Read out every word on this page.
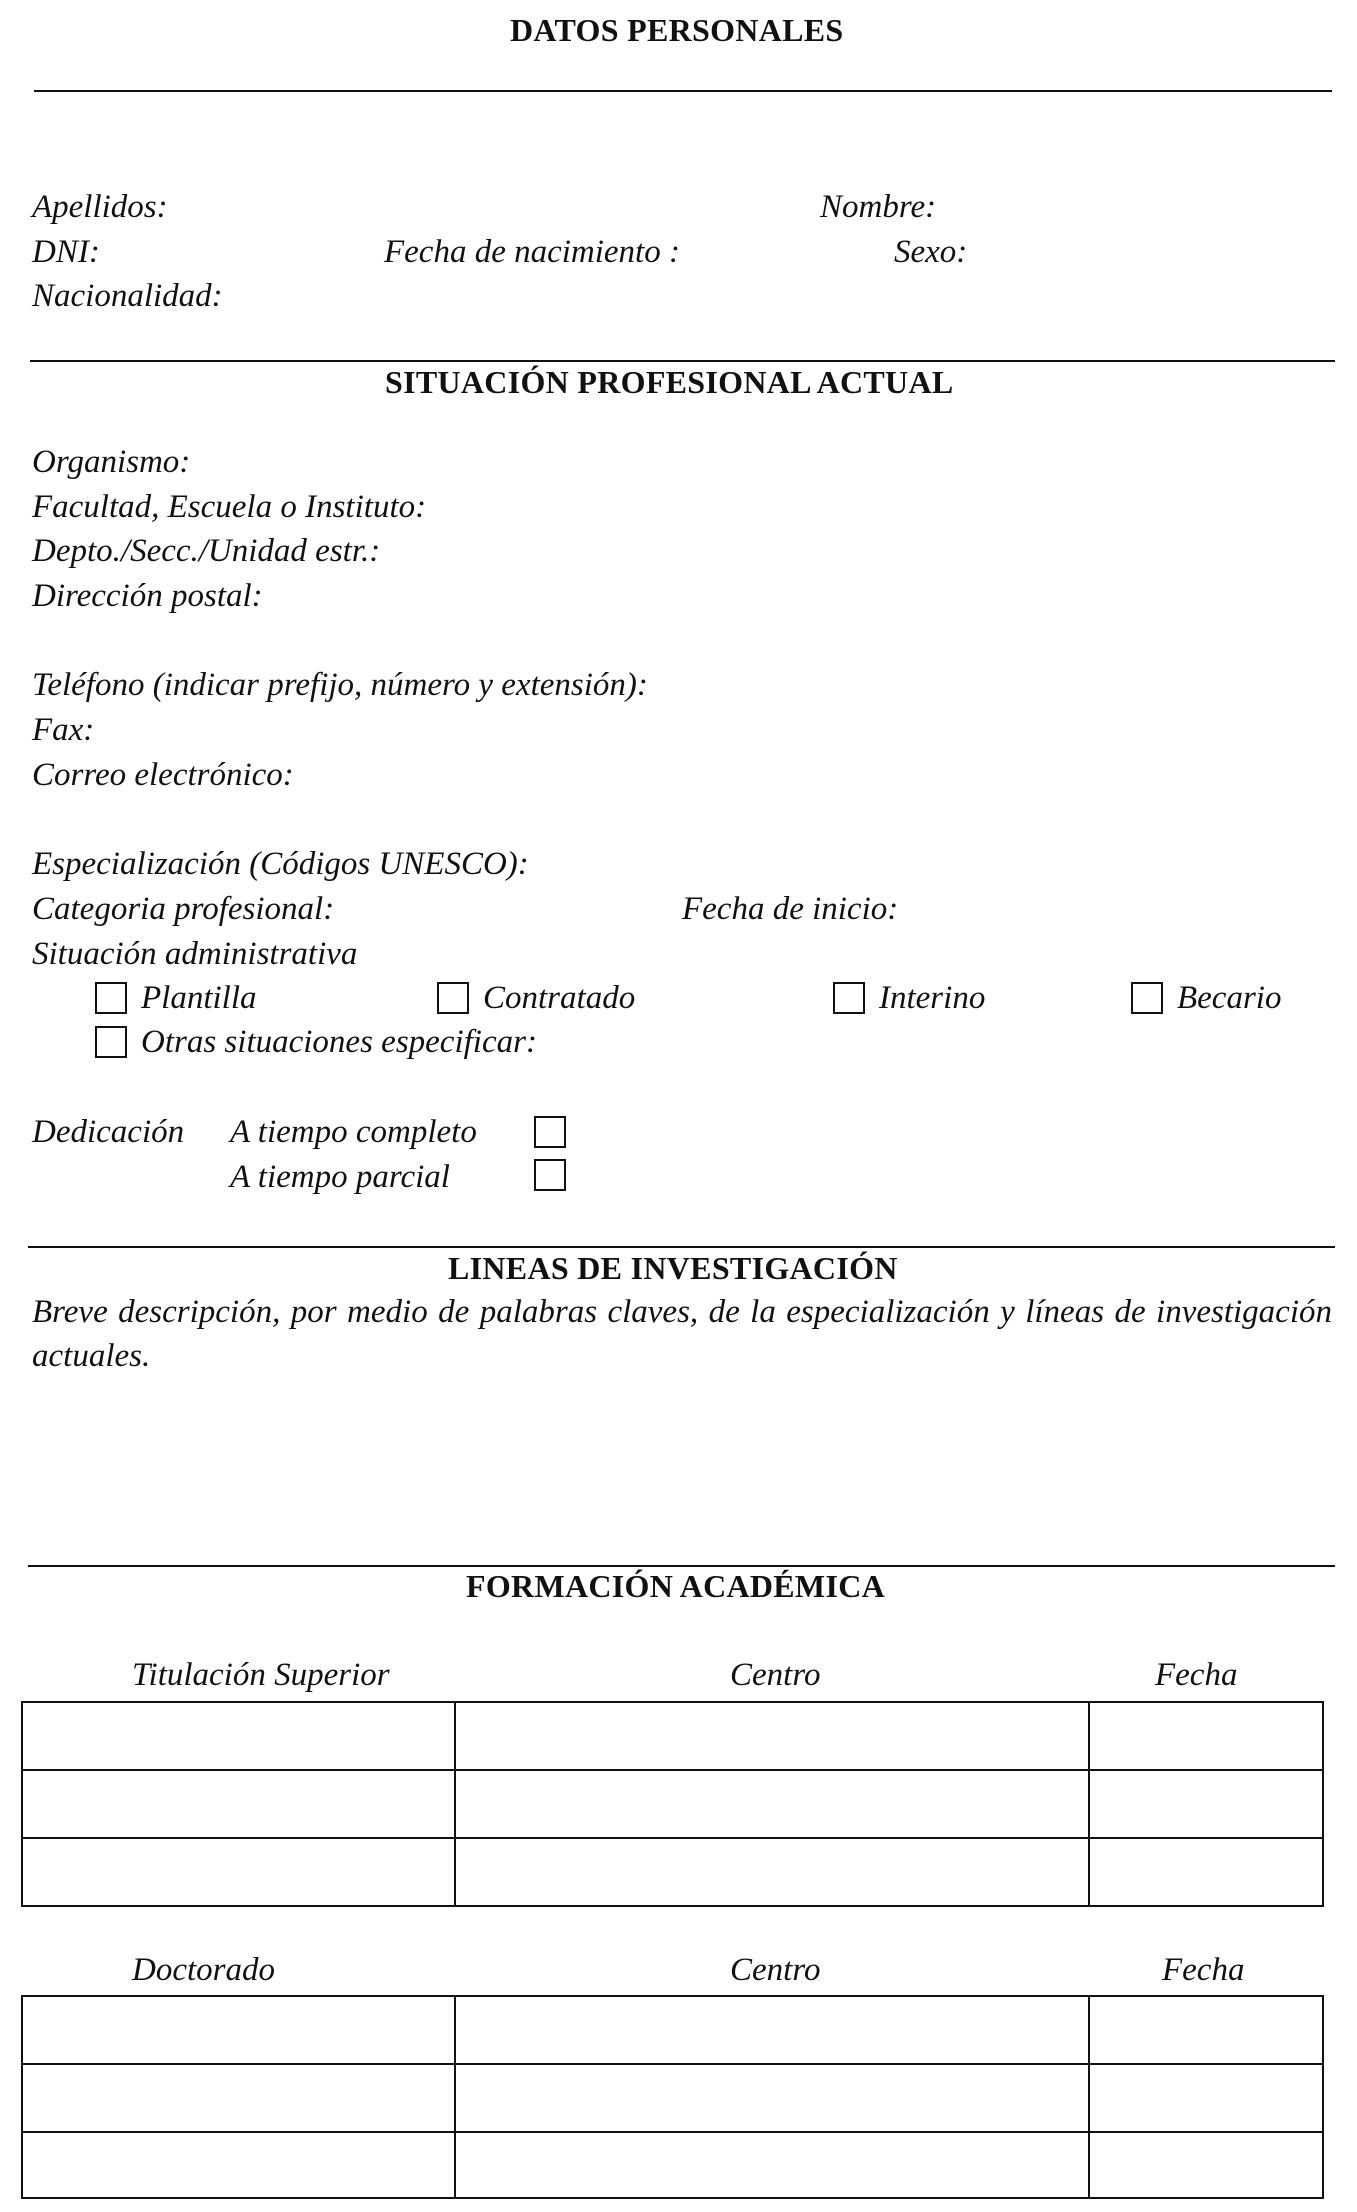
DATOS PERSONALES
Apellidos:	Nombre:
DNI:	Fecha de nacimiento :	Sexo:
Nacionalidad:
SITUACIÓN PROFESIONAL ACTUAL
Organismo:
Facultad, Escuela o Instituto:
Depto./Secc./Unidad estr.:
Dirección postal:
Teléfono (indicar prefijo, número y extensión):
Fax:
Correo electrónico:
Especialización (Códigos UNESCO):
Categoria profesional:	Fecha de inicio:
Situación administrativa
Plantilla	Contratado	Interino	Becario
Otras situaciones especificar:
Dedicación A tiempo completo
A tiempo parcial
LINEAS DE INVESTIGACIÓN
Breve descripción, por medio de palabras claves, de la especialización y líneas de investigación actuales.
FORMACIÓN ACADÉMICA
Titulación Superior	Centro	Fecha

Doctorado	Centro	Fecha
